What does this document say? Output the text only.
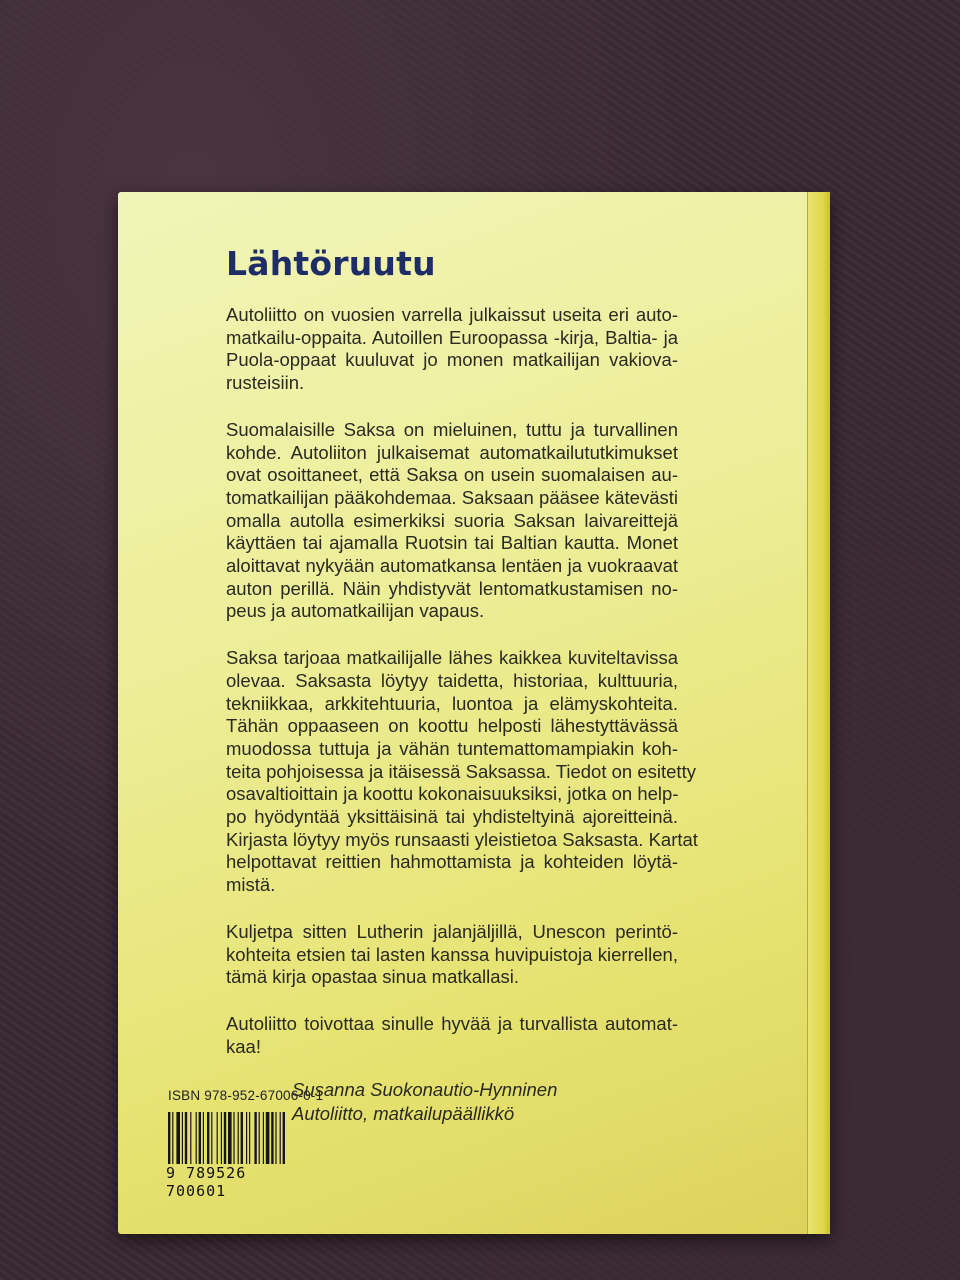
Lähtöruutu

Autoliitto on vuosien varrella julkaissut useita eri auto-
matkailu-oppaita. Autoillen Euroopassa -kirja, Baltia- ja
Puola-oppaat kuuluvat jo monen matkailijan vakiova-
rusteisiin.

Suomalaisille Saksa on mieluinen, tuttu ja turvallinen
kohde. Autoliiton julkaisemat automatkailututkimukset
ovat osoittaneet, että Saksa on usein suomalaisen au-
tomatkailijan pääkohdemaa. Saksaan pääsee kätevästi
omalla autolla esimerkiksi suoria Saksan laivareittejä
käyttäen tai ajamalla Ruotsin tai Baltian kautta. Monet
aloittavat nykyään automatkansa lentäen ja vuokraavat
auton perillä. Näin yhdistyvät lentomatkustamisen no-
peus ja automatkailijan vapaus.

Saksa tarjoaa matkailijalle lähes kaikkea kuviteltavissa
olevaa. Saksasta löytyy taidetta, historiaa, kulttuuria,
tekniikkaa, arkkitehtuuria, luontoa ja elämyskohteita.
Tähän oppaaseen on koottu helposti lähestyttävässä
muodossa tuttuja ja vähän tuntemattomampiakin koh-
teita pohjoisessa ja itäisessä Saksassa. Tiedot on esitetty
osavaltioittain ja koottu kokonaisuuksiksi, jotka on help-
po hyödyntää yksittäisinä tai yhdisteltyinä ajoreitteinä.
Kirjasta löytyy myös runsaasti yleistietoa Saksasta. Kartat
helpottavat reittien hahmottamista ja kohteiden löytä-
mistä.

Kuljetpa sitten Lutherin jalanjäljillä, Unescon perintö-
kohteita etsien tai lasten kanssa huvipuistoja kierrellen,
tämä kirja opastaa sinua matkallasi.

Autoliitto toivottaa sinulle hyvää ja turvallista automat-
kaa!

Susanna Suokonautio-Hynninen
Autoliitto, matkailupäällikkö
ISBN 978-952-67006-0-1
9 789526 700601
